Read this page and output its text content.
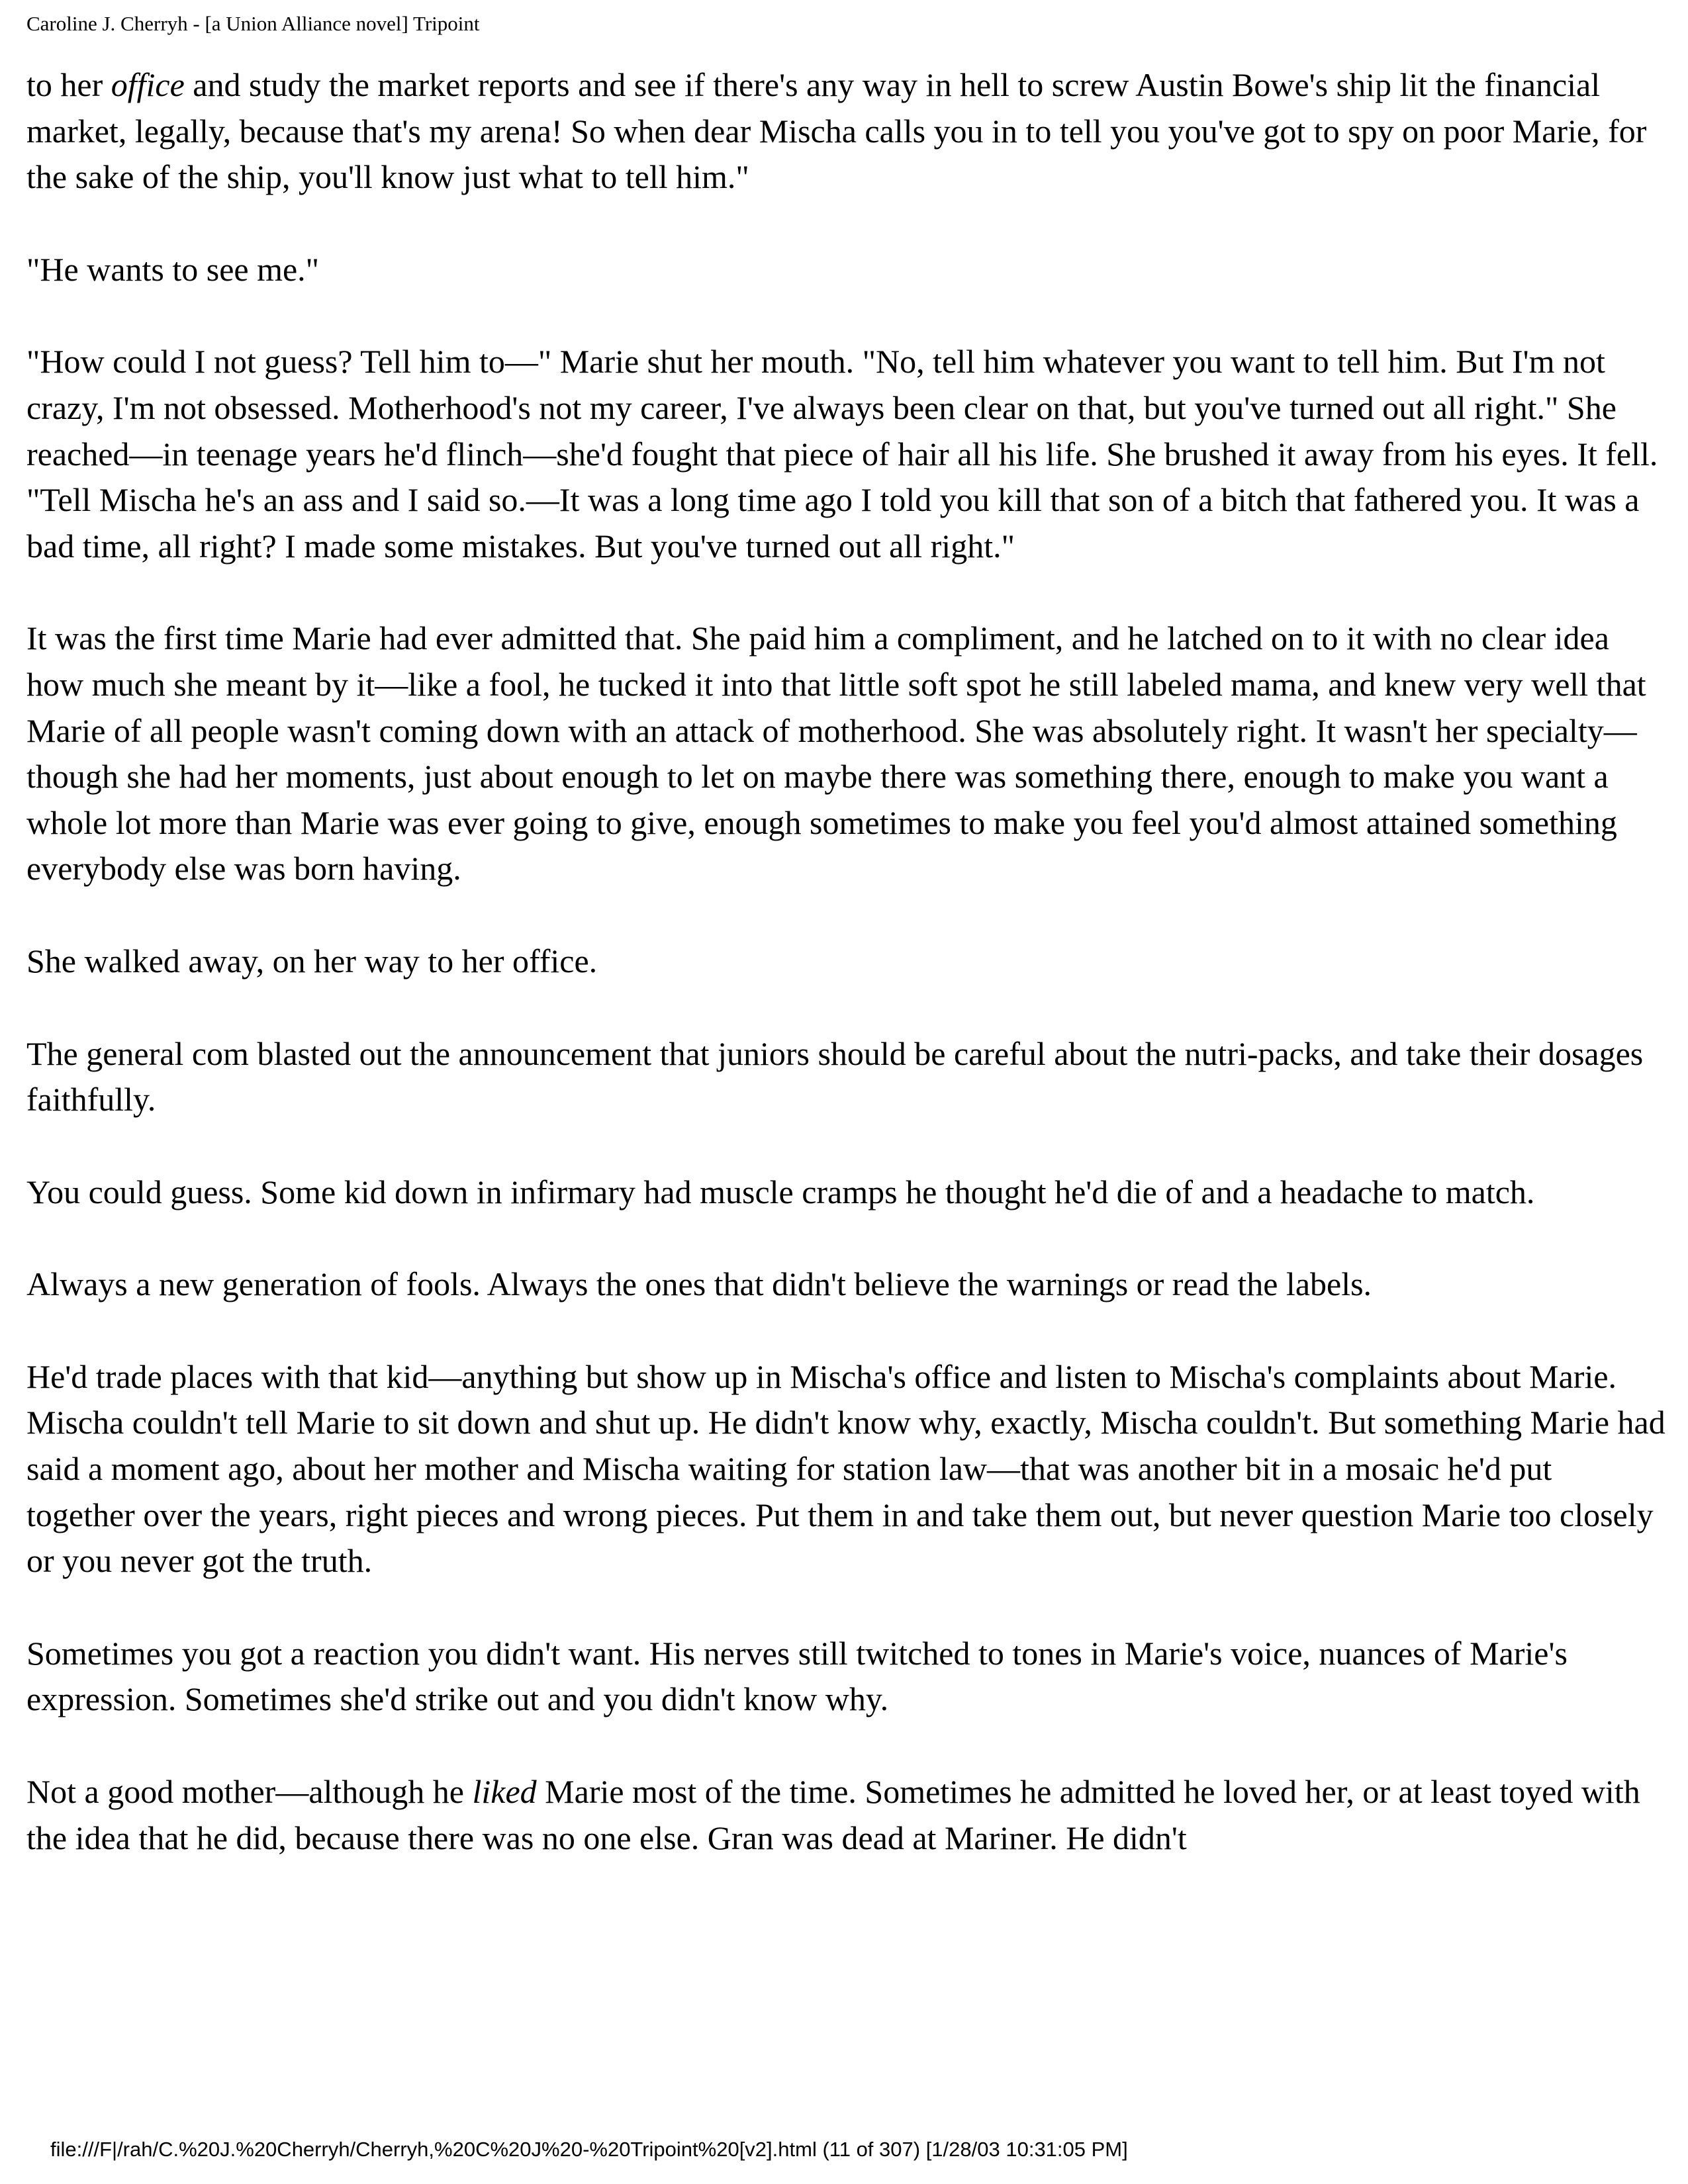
Caroline J. Cherryh - [a Union Alliance novel] Tripoint

to her office and study the market reports and see if there's any way in hell to screw Austin Bowe's ship lit the financial market, legally, because that's my arena! So when dear Mischa calls you in to tell you you've got to spy on poor Marie, for the sake of the ship, you'll know just what to tell him."

"He wants to see me."

"How could I not guess? Tell him to—" Marie shut her mouth. "No, tell him whatever you want to tell him. But I'm not crazy, I'm not obsessed. Motherhood's not my career, I've always been clear on that, but you've turned out all right." She reached—in teenage years he'd flinch—she'd fought that piece of hair all his life. She brushed it away from his eyes. It fell. "Tell Mischa he's an ass and I said so.—It was a long time ago I told you kill that son of a bitch that fathered you. It was a bad time, all right? I made some mistakes. But you've turned out all right."

It was the first time Marie had ever admitted that. She paid him a compliment, and he latched on to it with no clear idea how much she meant by it—like a fool, he tucked it into that little soft spot he still labeled mama, and knew very well that Marie of all people wasn't coming down with an attack of motherhood. She was absolutely right. It wasn't her specialty—though she had her moments, just about enough to let on maybe there was something there, enough to make you want a whole lot more than Marie was ever going to give, enough sometimes to make you feel you'd almost attained something everybody else was born having.

She walked away, on her way to her office.

The general com blasted out the announcement that juniors should be careful about the nutri-packs, and take their dosages faithfully.

You could guess. Some kid down in infirmary had muscle cramps he thought he'd die of and a headache to match.

Always a new generation of fools. Always the ones that didn't believe the warnings or read the labels.

He'd trade places with that kid—anything but show up in Mischa's office and listen to Mischa's complaints about Marie. Mischa couldn't tell Marie to sit down and shut up. He didn't know why, exactly, Mischa couldn't. But something Marie had said a moment ago, about her mother and Mischa waiting for station law—that was another bit in a mosaic he'd put together over the years, right pieces and wrong pieces. Put them in and take them out, but never question Marie too closely or you never got the truth.

Sometimes you got a reaction you didn't want. His nerves still twitched to tones in Marie's voice, nuances of Marie's expression. Sometimes she'd strike out and you didn't know why.

Not a good mother—although he liked Marie most of the time. Sometimes he admitted he loved her, or at least toyed with the idea that he did, because there was no one else. Gran was dead at Mariner. He didn't

file:///F|/rah/C.%20J.%20Cherryh/Cherryh,%20C%20J%20-%20Tripoint%20[v2].html (11 of 307) [1/28/03 10:31:05 PM]
